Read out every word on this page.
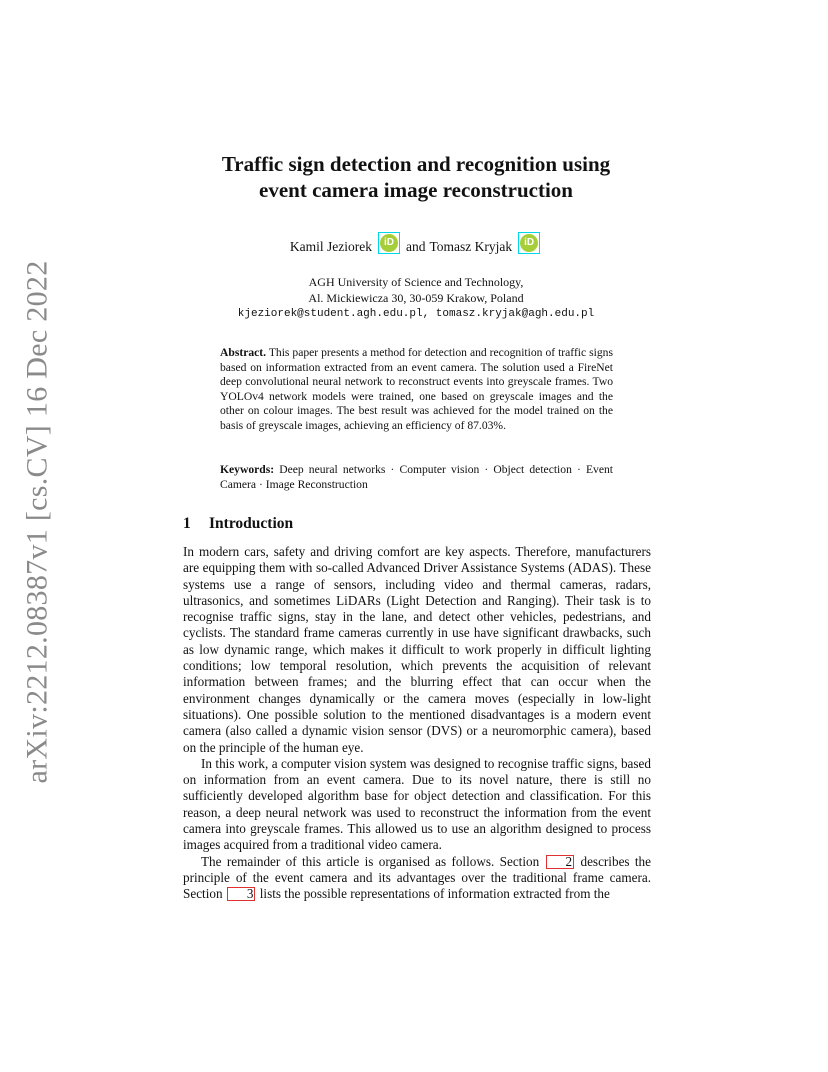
arXiv:2212.08387v1 [cs.CV] 16 Dec 2022
Traffic sign detection and recognition using
event camera image reconstruction
Kamil Jeziorek	iD and Tomasz Kryjak	iD
AGH University of Science and Technology,
Al. Mickiewicza 30, 30-059 Krakow, Poland
kjeziorek@student.agh.edu.pl, tomasz.kryjak@agh.edu.pl
Abstract. This paper presents a method for detection and recognition of traffic signs based on information extracted from an event camera. The solution used a FireNet deep convolutional neural network to reconstruct events into greyscale frames. Two YOLOv4 network models were trained, one based on greyscale images and the other on colour images. The best result was achieved for the model trained on the basis of greyscale images, achieving an efficiency of 87.03%.
Keywords: Deep neural networks · Computer vision · Object detection · Event Camera · Image Reconstruction
1 Introduction

In modern cars, safety and driving comfort are key aspects. Therefore, manufacturers are equipping them with so-called Advanced Driver Assistance Systems (ADAS). These systems use a range of sensors, including video and thermal cameras, radars, ultrasonics, and sometimes LiDARs (Light Detection and Ranging). Their task is to recognise traffic signs, stay in the lane, and detect other vehicles, pedestrians, and cyclists. The standard frame cameras currently in use have significant drawbacks, such as low dynamic range, which makes it difficult to work properly in difficult lighting conditions; low temporal resolution, which prevents the acquisition of relevant information between frames; and the blurring effect that can occur when the environment changes dynamically or the camera moves (especially in low-light situations). One possible solution to the mentioned disadvantages is a modern event camera (also called a dynamic vision sensor (DVS) or a neuromorphic camera), based on the principle of the human eye.

In this work, a computer vision system was designed to recognise traffic signs, based on information from an event camera. Due to its novel nature, there is still no sufficiently developed algorithm base for object detection and classification. For this reason, a deep neural network was used to reconstruct the information from the event camera into greyscale frames. This allowed us to use an algorithm designed to process images acquired from a traditional video camera.

The remainder of this article is organised as follows. Section 2 describes the principle of the event camera and its advantages over the traditional frame camera. Section 3 lists the possible representations of information extracted from the
